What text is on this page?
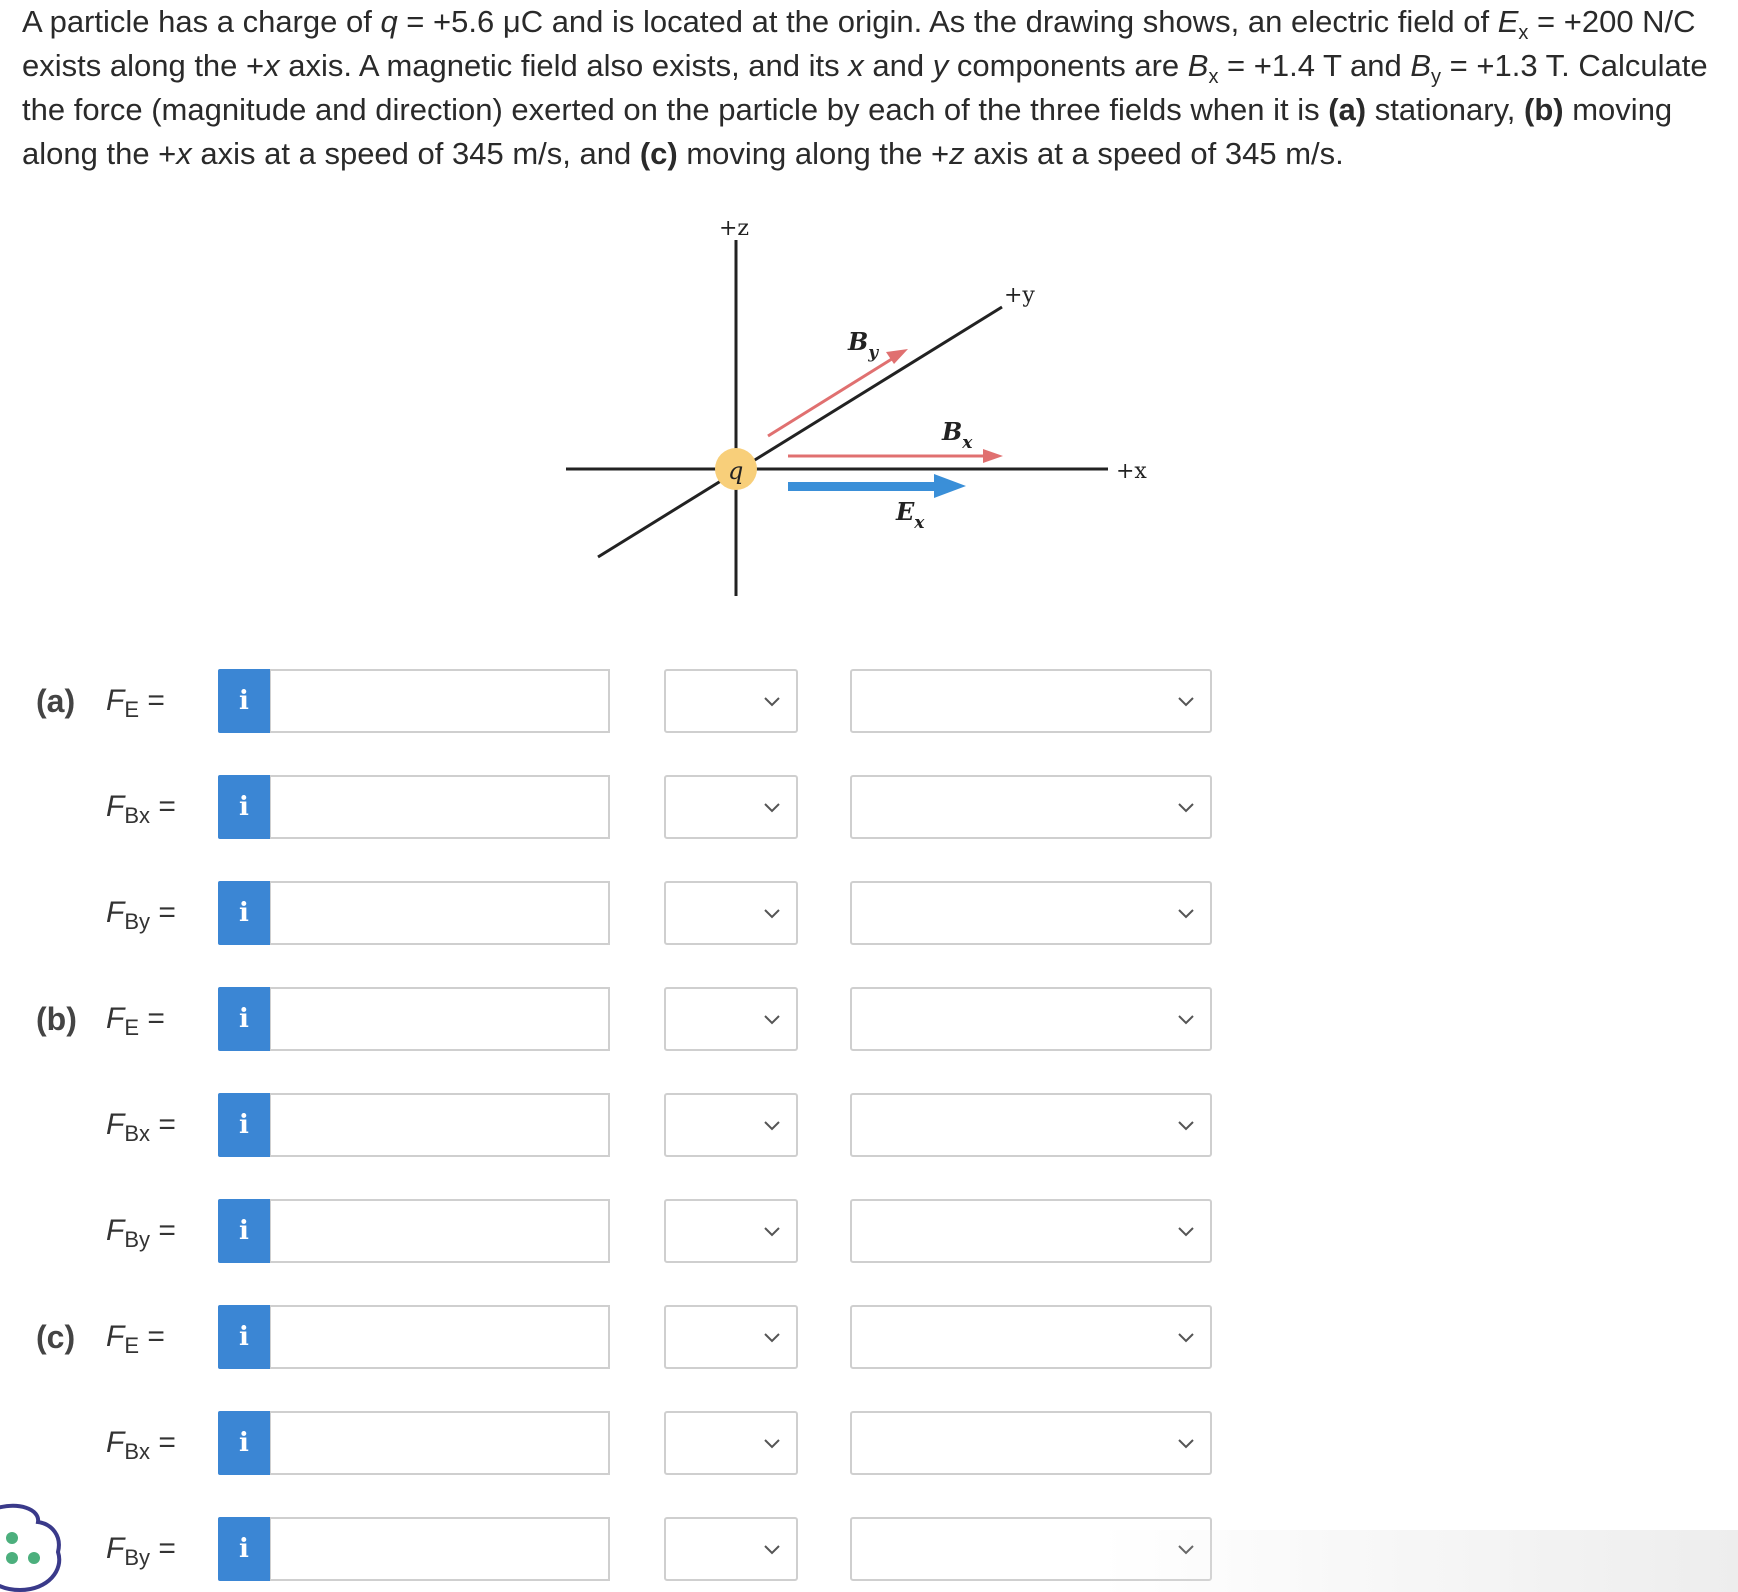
A particle has a charge of q = +5.6 μC and is located at the origin. As the drawing shows, an electric field of $E_x = +200$ N/C exists along the +x axis. A magnetic field also exists, and its x and y components are $B_x = +1.4$ T and $B_y = +1.3$ T. Calculate the force (magnitude and direction) exerted on the particle by each of the three fields when it is (a) stationary, (b) moving along the +x axis at a speed of 345 m/s, and (c) moving along the +z axis at a speed of 345 m/s.
q
+z
+y
+x
$B_y$
$B_x$
$E_x$
(a)	$F_E$ =	i
$F_{Bx}$ =	i
$F_{By}$ =	i
(b) $F_E$ =	i
$F_{Bx}$ =	i
$F_{By}$ =	i
(c)	$F_E$ =	i
$F_{Bx}$ =	i
$F_{By}$ =	i
